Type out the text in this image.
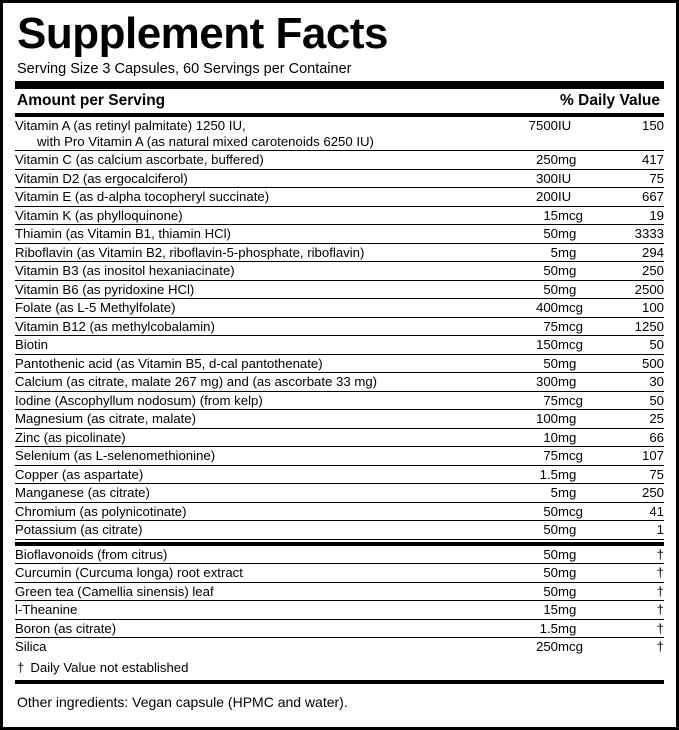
Supplement Facts
Serving Size 3 Capsules, 60 Servings per Container
Amount per Serving	% Daily Value
Vitamin A (as retinyl palmitate) 1250 IU,
with Pro Vitamin A (as natural mixed carotenoids 6250 IU)	7500	IU	150
Vitamin C (as calcium ascorbate, buffered)	250	mg	417
Vitamin D2 (as ergocalciferol)	300	IU	75
Vitamin E (as d-alpha tocopheryl succinate)	200	IU	667
Vitamin K (as phylloquinone)	15	mcg	19
Thiamin (as Vitamin B1, thiamin HCl)	50	mg	3333
Riboflavin (as Vitamin B2, riboflavin-5-phosphate, riboflavin)	5	mg	294
Vitamin B3 (as inositol hexaniacinate)	50	mg	250
Vitamin B6 (as pyridoxine HCl)	50	mg	2500
Folate (as L-5 Methylfolate)	400	mcg	100
Vitamin B12 (as methylcobalamin)	75	mcg	1250
Biotin	150	mcg	50
Pantothenic acid (as Vitamin B5, d-cal pantothenate)	50	mg	500
Calcium (as citrate, malate 267 mg) and (as ascorbate 33 mg)	300	mg	30
Iodine (Ascophyllum nodosum) (from kelp)	75	mcg	50
Magnesium (as citrate, malate)	100	mg	25
Zinc (as picolinate)	10	mg	66
Selenium (as L-selenomethionine)	75	mcg	107
Copper (as aspartate)	1.5	mg	75
Manganese (as citrate)	5	mg	250
Chromium (as polynicotinate)	50	mcg	41
Potassium (as citrate)	50	mg	1

Bioflavonoids (from citrus)	50	mg	†
Curcumin (Curcuma longa) root extract	50	mg	†
Green tea (Camellia sinensis) leaf	50	mg	†
l-Theanine	15	mg	†
Boron (as citrate)	1.5	mg	†
Silica	250	mcg	†
† Daily Value not established
Other ingredients: Vegan capsule (HPMC and water).
